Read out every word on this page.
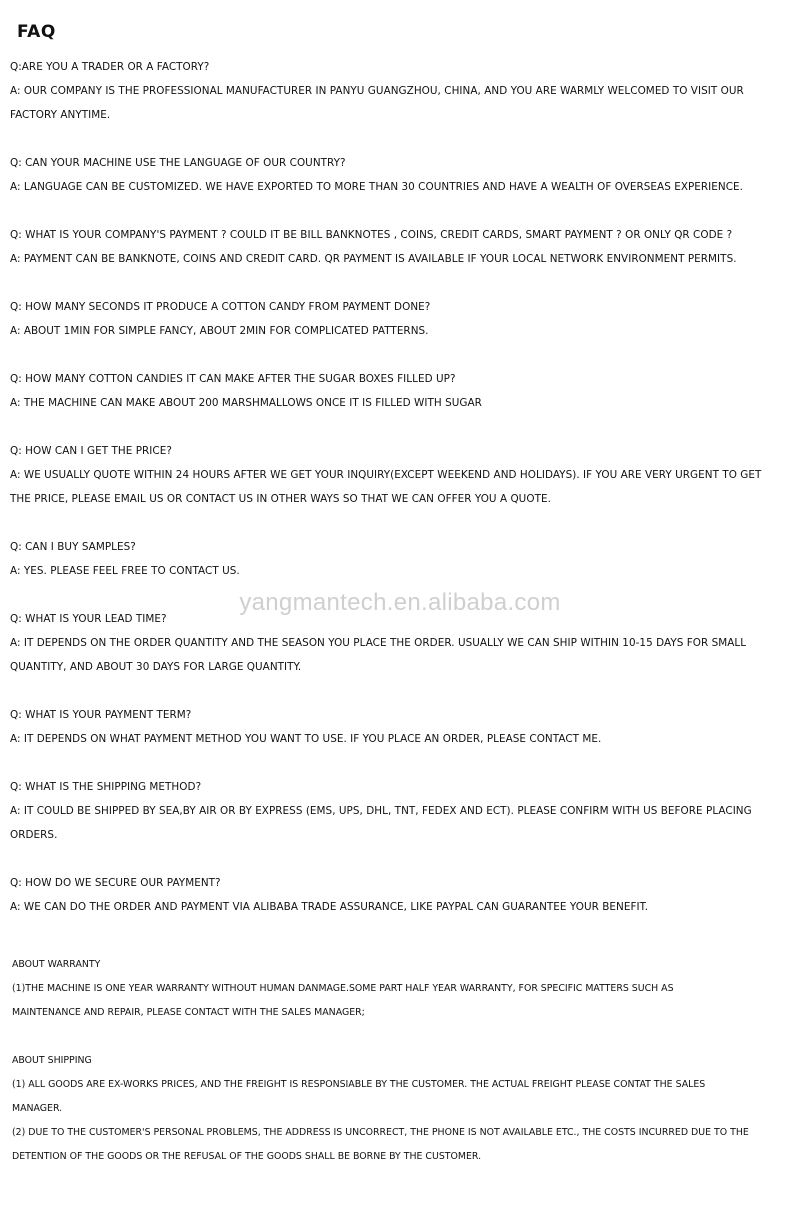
FAQ
Q:ARE YOU A TRADER OR A FACTORY?
A: OUR COMPANY IS THE PROFESSIONAL MANUFACTURER IN PANYU GUANGZHOU, CHINA, AND YOU ARE WARMLY WELCOMED TO VISIT OUR
FACTORY ANYTIME.
Q: CAN YOUR MACHINE USE THE LANGUAGE OF OUR COUNTRY?
A: LANGUAGE CAN BE CUSTOMIZED. WE HAVE EXPORTED TO MORE THAN 30 COUNTRIES AND HAVE A WEALTH OF OVERSEAS EXPERIENCE.
Q: WHAT IS YOUR COMPANY'S PAYMENT ? COULD IT BE BILL BANKNOTES , COINS, CREDIT CARDS, SMART PAYMENT ? OR ONLY QR CODE ?
A: PAYMENT CAN BE BANKNOTE, COINS AND CREDIT CARD. QR PAYMENT IS AVAILABLE IF YOUR LOCAL NETWORK ENVIRONMENT PERMITS.
Q: HOW MANY SECONDS IT PRODUCE A COTTON CANDY FROM PAYMENT DONE?
A: ABOUT 1MIN FOR SIMPLE FANCY, ABOUT 2MIN FOR COMPLICATED PATTERNS.
Q: HOW MANY COTTON CANDIES IT CAN MAKE AFTER THE SUGAR BOXES FILLED UP?
A: THE MACHINE CAN MAKE ABOUT 200 MARSHMALLOWS ONCE IT IS FILLED WITH SUGAR
Q: HOW CAN I GET THE PRICE?
A: WE USUALLY QUOTE WITHIN 24 HOURS AFTER WE GET YOUR INQUIRY(EXCEPT WEEKEND AND HOLIDAYS). IF YOU ARE VERY URGENT TO GET
THE PRICE, PLEASE EMAIL US OR CONTACT US IN OTHER WAYS SO THAT WE CAN OFFER YOU A QUOTE.
Q: CAN I BUY SAMPLES?
A: YES. PLEASE FEEL FREE TO CONTACT US.
yangmantech.en.alibaba.com
Q: WHAT IS YOUR LEAD TIME?
A: IT DEPENDS ON THE ORDER QUANTITY AND THE SEASON YOU PLACE THE ORDER. USUALLY WE CAN SHIP WITHIN 10-15 DAYS FOR SMALL
QUANTITY, AND ABOUT 30 DAYS FOR LARGE QUANTITY.
Q: WHAT IS YOUR PAYMENT TERM?
A: IT DEPENDS ON WHAT PAYMENT METHOD YOU WANT TO USE. IF YOU PLACE AN ORDER, PLEASE CONTACT ME.
Q: WHAT IS THE SHIPPING METHOD?
A: IT COULD BE SHIPPED BY SEA,BY AIR OR BY EXPRESS (EMS, UPS, DHL, TNT, FEDEX AND ECT). PLEASE CONFIRM WITH US BEFORE PLACING
ORDERS.
Q: HOW DO WE SECURE OUR PAYMENT?
A: WE CAN DO THE ORDER AND PAYMENT VIA ALIBABA TRADE ASSURANCE, LIKE PAYPAL CAN GUARANTEE YOUR BENEFIT.
ABOUT WARRANTY
(1)THE MACHINE IS ONE YEAR WARRANTY WITHOUT HUMAN DANMAGE.SOME PART HALF YEAR WARRANTY, FOR SPECIFIC MATTERS SUCH AS
MAINTENANCE AND REPAIR, PLEASE CONTACT WITH THE SALES MANAGER;
ABOUT SHIPPING
(1) ALL GOODS ARE EX-WORKS PRICES, AND THE FREIGHT IS RESPONSIABLE BY THE CUSTOMER. THE ACTUAL FREIGHT PLEASE CONTAT THE SALES
MANAGER.
(2) DUE TO THE CUSTOMER'S PERSONAL PROBLEMS, THE ADDRESS IS UNCORRECT, THE PHONE IS NOT AVAILABLE ETC., THE COSTS INCURRED DUE TO THE
DETENTION OF THE GOODS OR THE REFUSAL OF THE GOODS SHALL BE BORNE BY THE CUSTOMER.
